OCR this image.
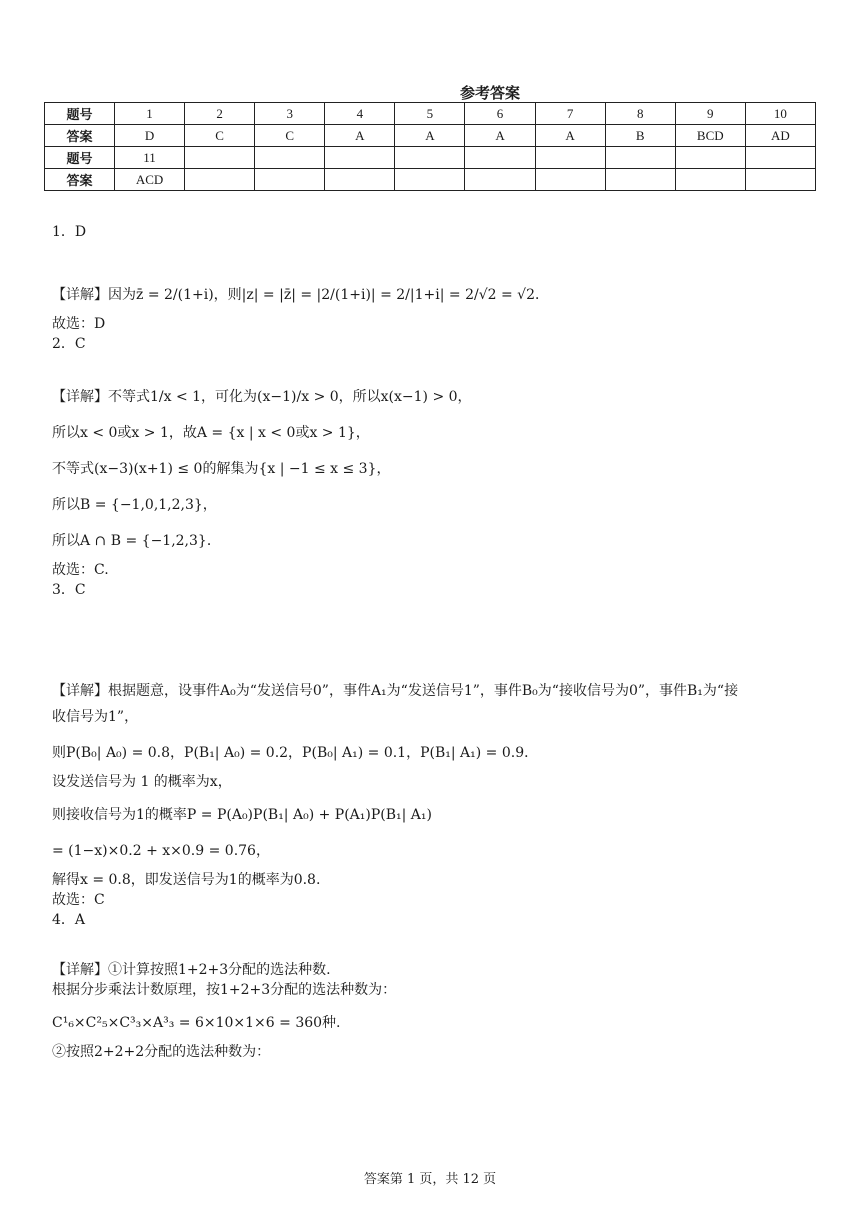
参考答案
题号	1	2	3	4	5	6	7	8	9	10
答案	D	C	C	A	A	A	A	B	BCD	AD
题号	11									
答案	ACD									
1．D
【详解】因为z̄ = 2/(1+i)，则|z| = |z̄| = |2/(1+i)| = 2/|1+i| = 2/√2 = √2．
故选：D
2．C
【详解】不等式1/x < 1，可化为(x−1)/x > 0，所以x(x−1) > 0，
所以x < 0或x > 1，故A = {x | x < 0或x > 1}，
不等式(x−3)(x+1) ≤ 0的解集为{x | −1 ≤ x ≤ 3}，
所以B = {−1,0,1,2,3}，
所以A ∩ B = {−1,2,3}．
故选：C.
3．C
【详解】根据题意，设事件A₀为“发送信号0”，事件A₁为“发送信号1”，事件B₀为“接收信号为0”，事件B₁为“接
收信号为1”，
则P(B₀| A₀) = 0.8，P(B₁| A₀) = 0.2，P(B₀| A₁) = 0.1，P(B₁| A₁) = 0.9．
设发送信号为 1 的概率为x，
则接收信号为1的概率P = P(A₀)P(B₁| A₀) + P(A₁)P(B₁| A₁)
= (1−x)×0.2 + x×0.9 = 0.76，
解得x = 0.8，即发送信号为1的概率为0.8.
故选：C
4．A
【详解】①计算按照1+2+3分配的选法种数.
根据分步乘法计数原理，按1+2+3分配的选法种数为：
C¹₆×C²₅×C³₃×A³₃ = 6×10×1×6 = 360种.
②按照2+2+2分配的选法种数为：
答案第 1 页，共 12 页
